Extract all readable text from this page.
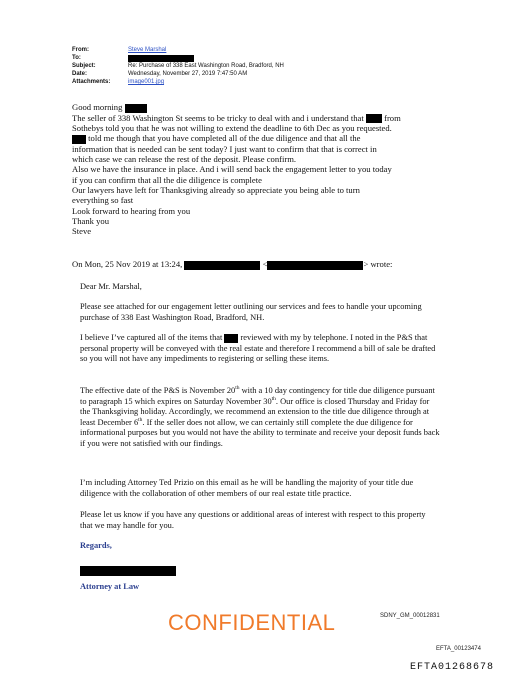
From:	Steve Marshal
To:
Subject:	Re: Purchase of 338 East Washington Road, Bradford, NH
Date:	Wednesday, November 27, 2019 7:47:50 AM
Attachments:	image001.jpg

Good morning

The seller of 338 Washington St seems to be tricky to deal with and i understand that from

Sothebys told you that he was not willing to extend the deadline to 6th Dec as you requested.

told me though that you have completed all of the due diligence and that all the

information that is needed can be sent today? I just want to confirm that that is correct in

which case we can release the rest of the deposit. Please confirm.

Also we have the insurance in place. And i will send back the engagement letter to you today

if you can confirm that all the die diligence is complete

Our lawyers have left for Thanksgiving already so appreciate you being able to turn

everything so fast

Look forward to hearing from you

Thank you

Steve

On Mon, 25 Nov 2019 at 13:24,	<	> wrote:

Dear Mr. Marshal,

Please see attached for our engagement letter outlining our services and fees to handle your upcoming purchase of 338 East Washington Road, Bradford, NH.

I believe I’ve captured all of the items that reviewed with my by telephone. I noted in the P&S that personal property will be conveyed with the real estate and therefore I recommend a bill of sale be drafted so you will not have any impediments to registering or selling these items.

The effective date of the P&S is November 20th with a 10 day contingency for title due diligence pursuant to paragraph 15 which expires on Saturday November 30th. Our office is closed Thursday and Friday for the Thanksgiving holiday. Accordingly, we recommend an extension to the title due diligence through at least December 6th. If the seller does not allow, we can certainly still complete the due diligence for informational purposes but you would not have the ability to terminate and receive your deposit funds back if you were not satisfied with our findings.

I’m including Attorney Ted Prizio on this email as he will be handling the majority of your title due diligence with the collaboration of other members of our real estate title practice.

Please let us know if you have any questions or additional areas of interest with respect to this property that we may handle for you.

Regards,

Attorney at Law

CONFIDENTIAL	SDNY_GM_00012831
EFTA_00123474
EFTA01268678
